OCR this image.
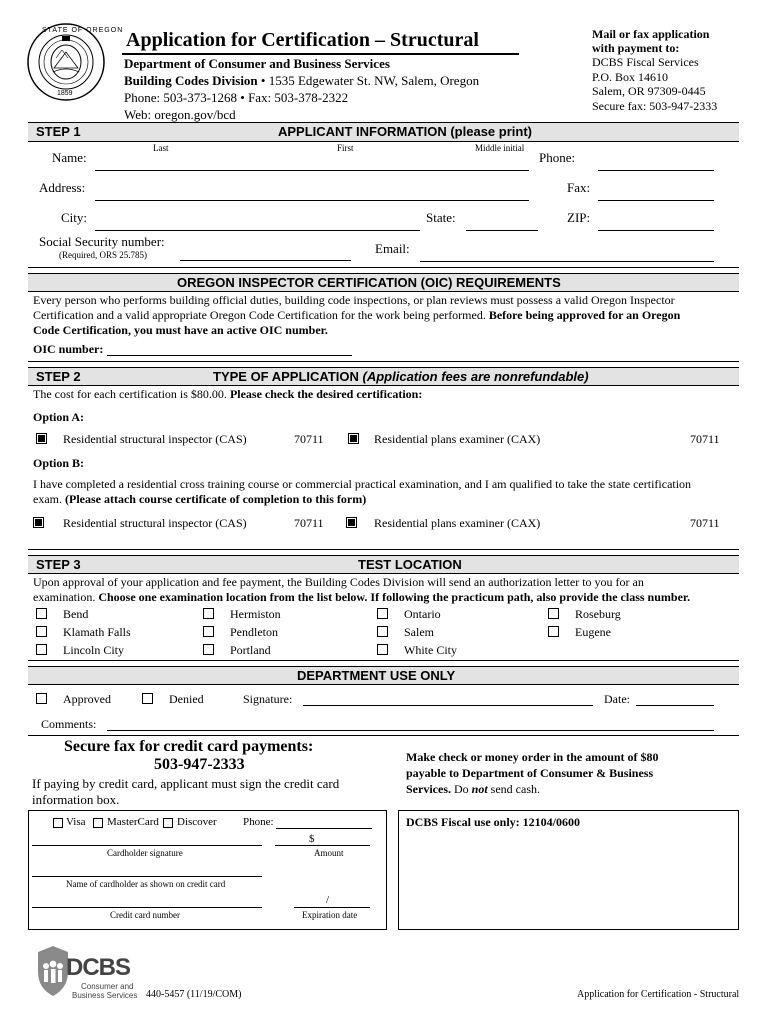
STATE OF OREGON
1859
Application for Certification – Structural
Department of Consumer and Business Services
Building Codes Division • 1535 Edgewater St. NW, Salem, Oregon
Phone: 503-373-1268 • Fax: 503-378-2322
Web: oregon.gov/bcd
Mail or fax application
with payment to:
DCBS Fiscal Services
P.O. Box 14610
Salem, OR 97309-0445
Secure fax: 503-947-2333
STEP 1	APPLICANT INFORMATION (please print)
Last	First	Middle initial
Name:	Phone:
Address:	Fax:
City:	State:	ZIP:
Social Security number:
(Required, ORS 25.785)	Email:
OREGON INSPECTOR CERTIFICATION (OIC) REQUIREMENTS
Every person who performs building official duties, building code inspections, or plan reviews must possess a valid Oregon Inspector
Certification and a valid appropriate Oregon Code Certification for the work being performed. Before being approved for an Oregon
Code Certification, you must have an active OIC number.
OIC number:
STEP 2	TYPE OF APPLICATION (Application fees are nonrefundable)
The cost for each certification is $80.00. Please check the desired certification:
Option A:
Residential structural inspector (CAS)	70711	Residential plans examiner (CAX)	70711
Option B:
I have completed a residential cross training course or commercial practical examination, and I am qualified to take the state certification
exam. (Please attach course certificate of completion to this form)
Residential structural inspector (CAS)	70711	Residential plans examiner (CAX)	70711
STEP 3	TEST LOCATION
Upon approval of your application and fee payment, the Building Codes Division will send an authorization letter to you for an
examination. Choose one examination location from the list below. If following the practicum path, also provide the class number.
Bend	Hermiston	Ontario	Roseburg
Klamath Falls	Pendleton	Salem	Eugene
Lincoln City	Portland	White City
DEPARTMENT USE ONLY
Approved	Denied	Signature:	Date:
Comments:
Secure fax for credit card payments:
503-947-2333
If paying by credit card, applicant must sign the credit card
information box.
Make check or money order in the amount of $80
payable to Department of Consumer & Business
Services. Do not send cash.
Visa MasterCard Discover Phone:
$
Cardholder signature	Amount
Name of cardholder as shown on credit card
/
Credit card number	Expiration date
DCBS Fiscal use only: 12104/0600
DCBS
Consumer and
Business Services 440-5457 (11/19/COM)	Application for Certification - Structural
